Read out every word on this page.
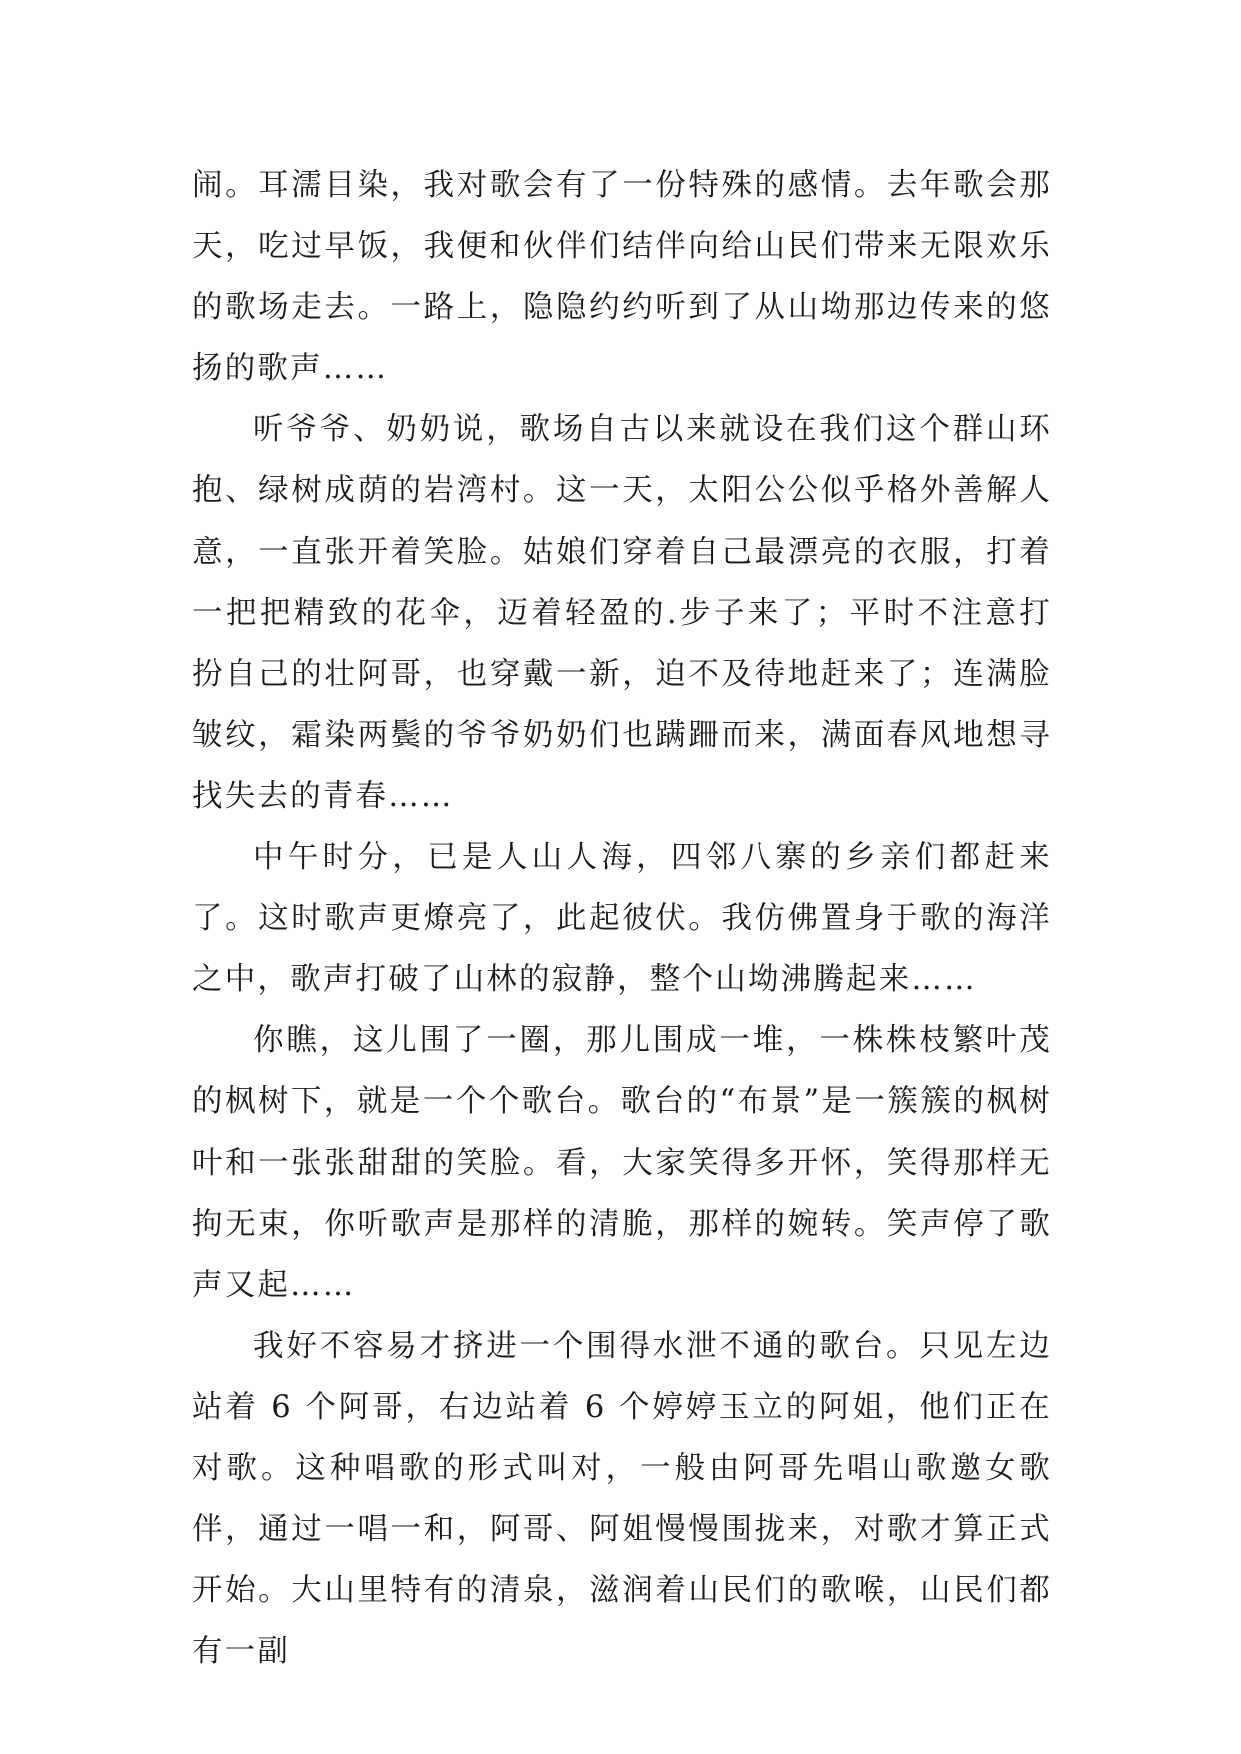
闹。耳濡目染，我对歌会有了一份特殊的感情。去年歌会那天，吃过早饭，我便和伙伴们结伴向给山民们带来无限欢乐的歌场走去。一路上，隐隐约约听到了从山坳那边传来的悠扬的歌声……

听爷爷、奶奶说，歌场自古以来就设在我们这个群山环抱、绿树成荫的岩湾村。这一天，太阳公公似乎格外善解人意，一直张开着笑脸。姑娘们穿着自己最漂亮的衣服，打着一把把精致的花伞，迈着轻盈的.步子来了；平时不注意打扮自己的壮阿哥，也穿戴一新，迫不及待地赶来了；连满脸皱纹，霜染两鬓的爷爷奶奶们也蹒跚而来，满面春风地想寻找失去的青春……

中午时分，已是人山人海，四邻八寨的乡亲们都赶来了。这时歌声更燎亮了，此起彼伏。我仿佛置身于歌的海洋之中，歌声打破了山林的寂静，整个山坳沸腾起来……

你瞧，这儿围了一圈，那儿围成一堆，一株株枝繁叶茂的枫树下，就是一个个歌台。歌台的“布景”是一簇簇的枫树叶和一张张甜甜的笑脸。看，大家笑得多开怀，笑得那样无拘无束，你听歌声是那样的清脆，那样的婉转。笑声停了歌声又起……

我好不容易才挤进一个围得水泄不通的歌台。只见左边站着 6 个阿哥，右边站着 6 个婷婷玉立的阿姐，他们正在对歌。这种唱歌的形式叫对，一般由阿哥先唱山歌邀女歌伴，通过一唱一和，阿哥、阿姐慢慢围拢来，对歌才算正式开始。大山里特有的清泉，滋润着山民们的歌喉，山民们都有一副
